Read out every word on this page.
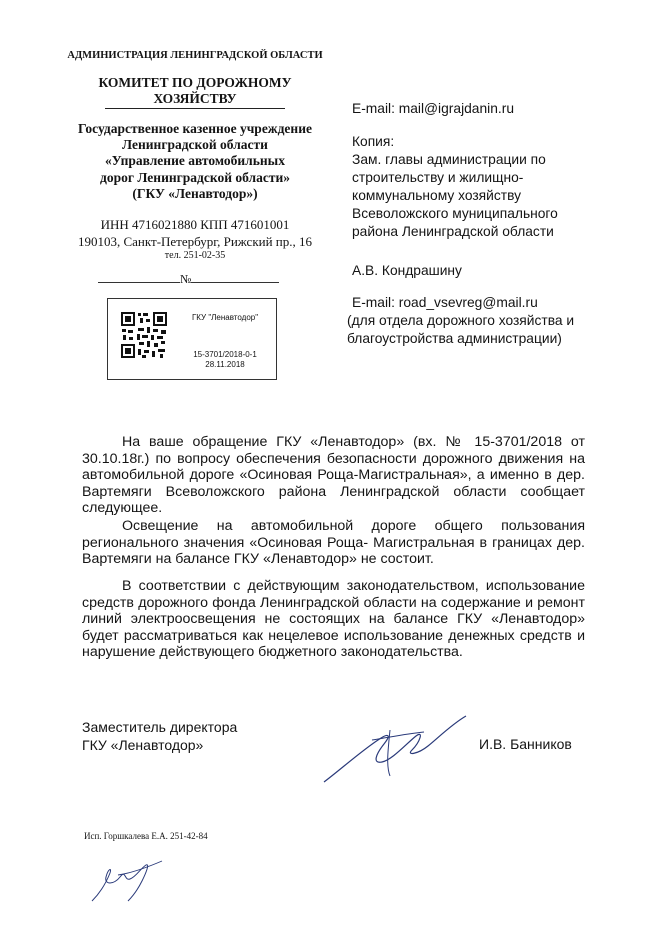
АДМИНИСТРАЦИЯ ЛЕНИНГРАДСКОЙ ОБЛАСТИ
КОМИТЕТ ПО ДОРОЖНОМУ
ХОЗЯЙСТВУ
Государственное казенное учреждение
Ленинградской области
«Управление автомобильных
дорог Ленинградской области»
(ГКУ «Ленавтодор»)
ИНН 4716021880 КПП 471601001
190103, Санкт-Петербург, Рижский пр., 16
тел. 251-02-35
№
ГКУ "Ленавтодор"
15-3701/2018-0-1
28.11.2018
E-mail: mail@igrajdanin.ru
Копия:
Зам. главы администрации по
строительству и жилищно-
коммунальному хозяйству
Всеволожского муниципального
района Ленинградской области
А.В. Кондрашину
E-mail: road_vsevreg@mail.ru
(для отдела дорожного хозяйства и
благоустройства администрации)
На ваше обращение ГКУ «Ленавтодор» (вх. № 15-3701/2018 от 30.10.18г.) по вопросу обеспечения безопасности дорожного движения на автомобильной дороге «Осиновая Роща-Магистральная», а именно в дер. Вартемяги Всеволожского района Ленинградской области сообщает следующее.
Освещение на автомобильной дороге общего пользования регионального значения «Осиновая Роща- Магистральная в границах дер. Вартемяги на балансе ГКУ «Ленавтодор» не состоит.
В соответствии с действующим законодательством, использование средств дорожного фонда Ленинградской области на содержание и ремонт линий электроосвещения не состоящих на балансе ГКУ «Ленавтодор» будет рассматриваться как нецелевое использование денежных средств и нарушение действующего бюджетного законодательства.
Заместитель директора
ГКУ «Ленавтодор»	И.В. Банников
Исп. Горшкалева Е.А. 251-42-84
